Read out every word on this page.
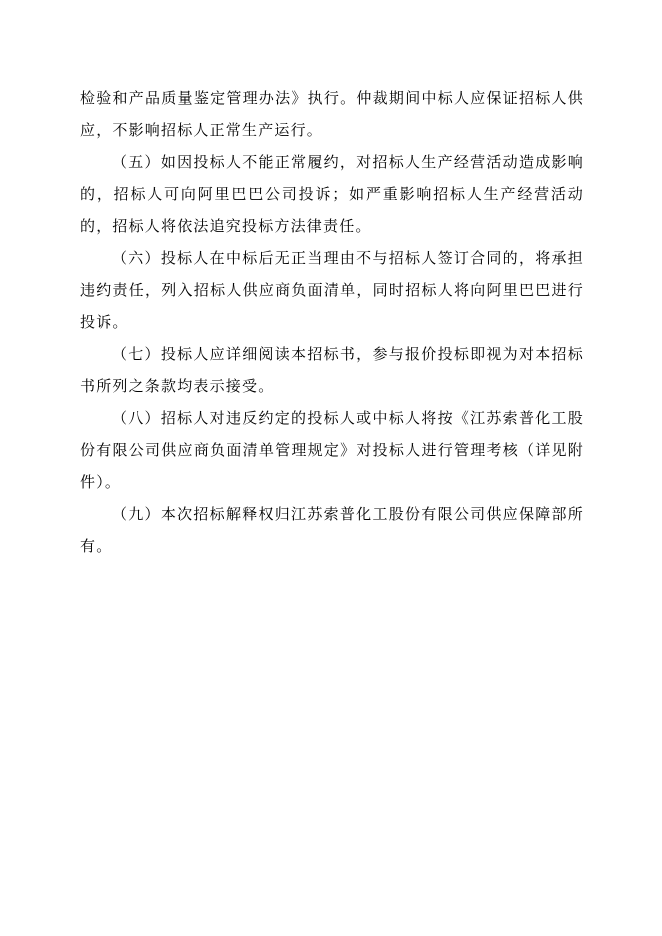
检验和产品质量鉴定管理办法》执行。仲裁期间中标人应保证招标人供应，不影响招标人正常生产运行。

（五）如因投标人不能正常履约，对招标人生产经营活动造成影响的，招标人可向阿里巴巴公司投诉；如严重影响招标人生产经营活动的，招标人将依法追究投标方法律责任。

（六）投标人在中标后无正当理由不与招标人签订合同的，将承担违约责任，列入招标人供应商负面清单，同时招标人将向阿里巴巴进行投诉。

（七）投标人应详细阅读本招标书，参与报价投标即视为对本招标书所列之条款均表示接受。

（八）招标人对违反约定的投标人或中标人将按《江苏索普化工股份有限公司供应商负面清单管理规定》对投标人进行管理考核（详见附件）。

（九）本次招标解释权归江苏索普化工股份有限公司供应保障部所有。
